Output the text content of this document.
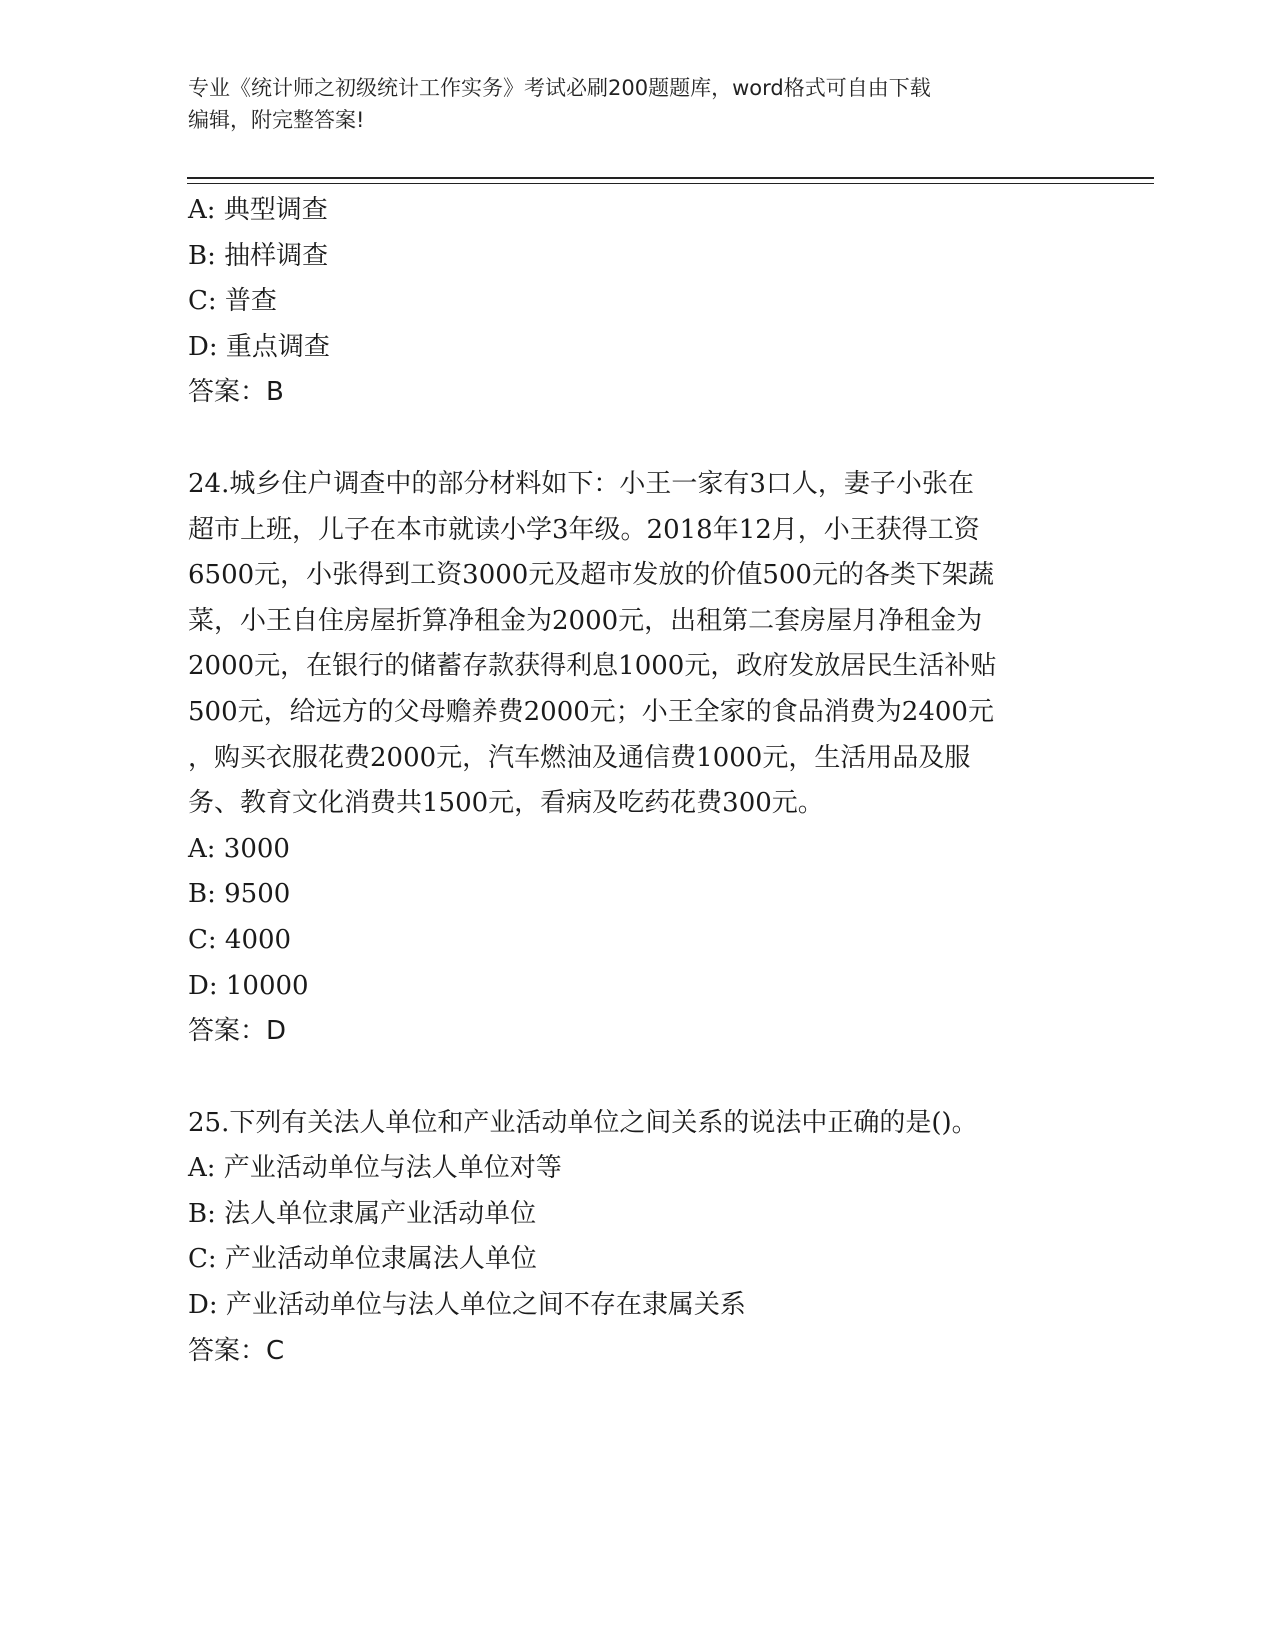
专业《统计师之初级统计工作实务》考试必刷200题题库，word格式可自由下载
编辑，附完整答案!
A: 典型调查
B: 抽样调查
C: 普查
D: 重点调查
答案：B
24.城乡住户调查中的部分材料如下：小王一家有3口人，妻子小张在
超市上班，儿子在本市就读小学3年级。2018年12月，小王获得工资
6500元，小张得到工资3000元及超市发放的价值500元的各类下架蔬
菜，小王自住房屋折算净租金为2000元，出租第二套房屋月净租金为
2000元，在银行的储蓄存款获得利息1000元，政府发放居民生活补贴
500元，给远方的父母赡养费2000元；小王全家的食品消费为2400元
，购买衣服花费2000元，汽车燃油及通信费1000元，生活用品及服
务、教育文化消费共1500元，看病及吃药花费300元。
A: 3000
B: 9500
C: 4000
D: 10000
答案：D
25.下列有关法人单位和产业活动单位之间关系的说法中正确的是()。
A: 产业活动单位与法人单位对等
B: 法人单位隶属产业活动单位
C: 产业活动单位隶属法人单位
D: 产业活动单位与法人单位之间不存在隶属关系
答案：C
